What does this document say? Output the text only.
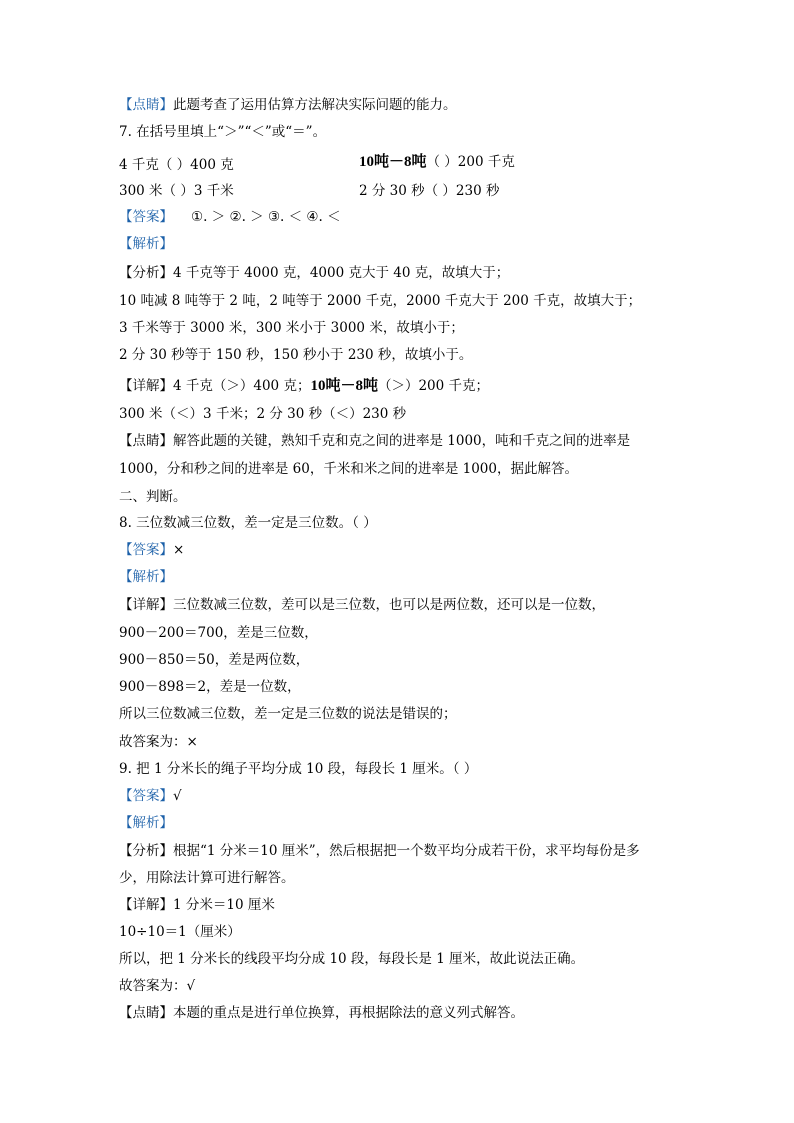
【点睛】此题考查了运用估算方法解决实际问题的能力。
7. 在括号里填上“＞”“＜”或“＝”。
4 千克（ ）400 克	10吨－8吨（ ）200 千克
300 米（ ）3 千米	2 分 30 秒（ ）230 秒
【答案】 ①. ＞ ②. ＞ ③. ＜ ④. ＜
【解析】
【分析】4 千克等于 4000 克，4000 克大于 40 克，故填大于；
10 吨减 8 吨等于 2 吨，2 吨等于 2000 千克，2000 千克大于 200 千克，故填大于；
3 千米等于 3000 米，300 米小于 3000 米，故填小于；
2 分 30 秒等于 150 秒，150 秒小于 230 秒，故填小于。
【详解】4 千克（＞）400 克；10吨－8吨（＞）200 千克；
300 米（＜）3 千米；2 分 30 秒（＜）230 秒
【点睛】解答此题的关键，熟知千克和克之间的进率是 1000，吨和千克之间的进率是
1000，分和秒之间的进率是 60，千米和米之间的进率是 1000，据此解答。
二、判断。
8. 三位数减三位数，差一定是三位数。（ ）
【答案】×
【解析】
【详解】三位数减三位数，差可以是三位数，也可以是两位数，还可以是一位数，
900－200＝700，差是三位数，
900－850＝50，差是两位数，
900－898＝2，差是一位数，
所以三位数减三位数，差一定是三位数的说法是错误的；
故答案为：×
9. 把 1 分米长的绳子平均分成 10 段，每段长 1 厘米。（ ）
【答案】√
【解析】
【分析】根据“1 分米＝10 厘米”，然后根据把一个数平均分成若干份，求平均每份是多
少，用除法计算可进行解答。
【详解】1 分米＝10 厘米
10÷10＝1（厘米）
所以，把 1 分米长的线段平均分成 10 段，每段长是 1 厘米，故此说法正确。
故答案为：√
【点睛】本题的重点是进行单位换算，再根据除法的意义列式解答。
